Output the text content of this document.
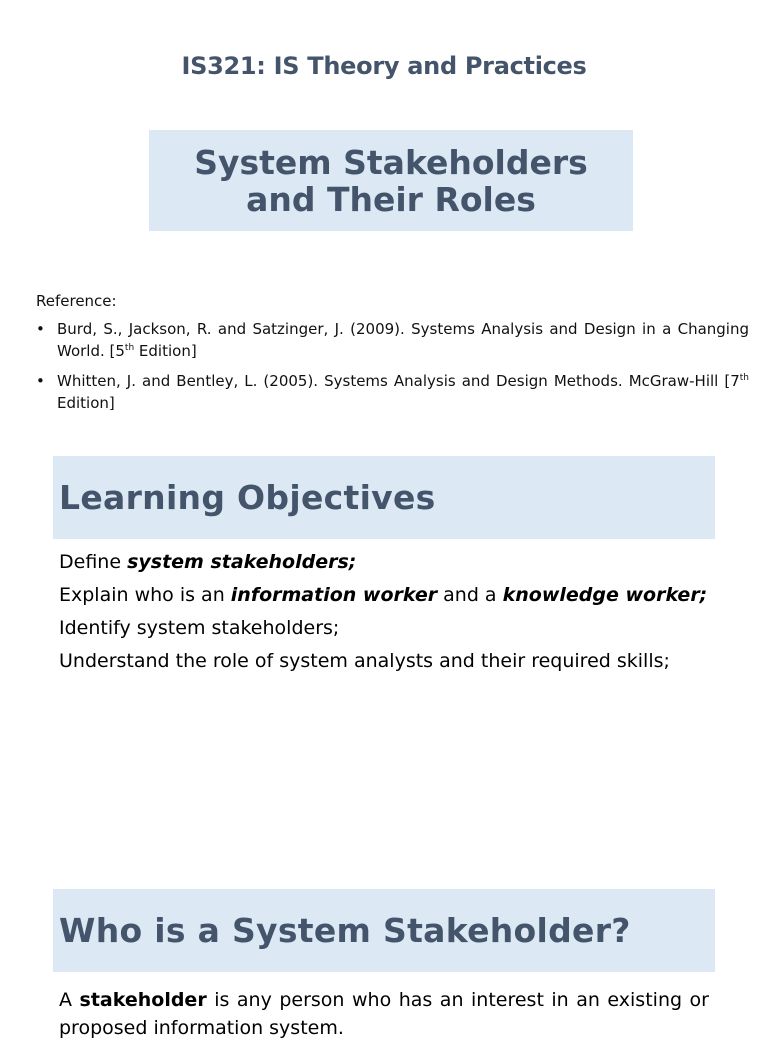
IS321: IS Theory and Practices
System Stakeholders
and Their Roles
Reference:
• Burd, S., Jackson, R. and Satzinger, J. (2009). Systems Analysis and Design in a Changing World. [5th Edition]
• Whitten, J. and Bentley, L. (2005). Systems Analysis and Design Methods. McGraw-Hill [7th Edition]
Learning Objectives
Define system stakeholders;
Explain who is an information worker and a knowledge worker;
Identify system stakeholders;
Understand the role of system analysts and their required skills;
Who is a System Stakeholder?
A stakeholder is any person who has an interest in an existing or proposed information system.
